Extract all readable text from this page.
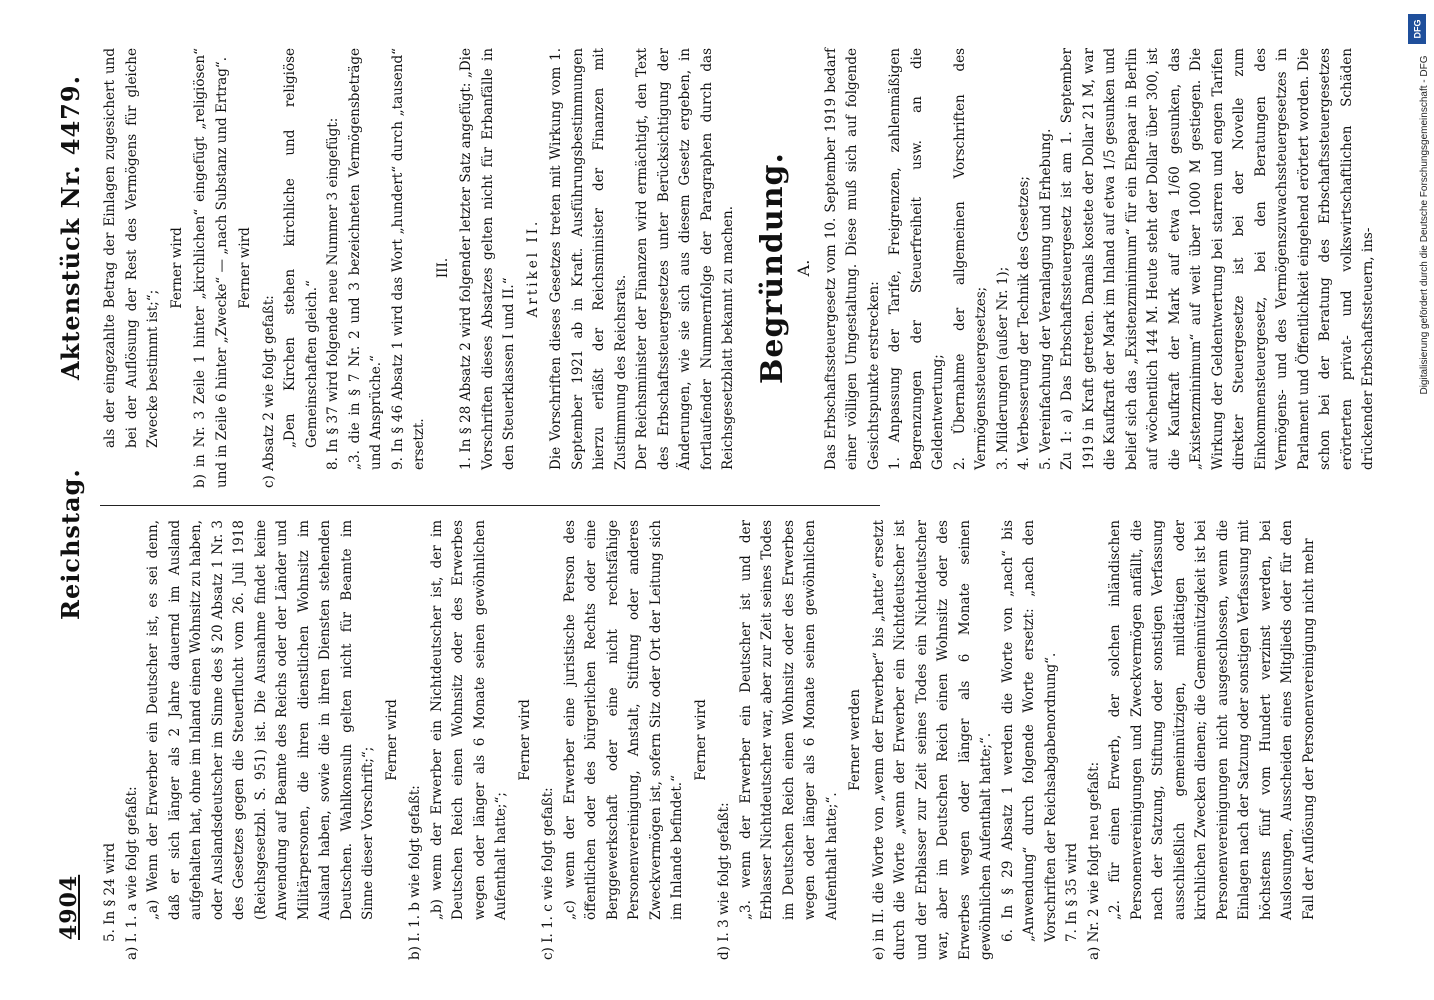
4904
Reichstag.
Aktenstück Nr. 4479.
5. In § 24 wird a) I. 1. a wie folgt gefaßt: „a) Wenn der Erwerber ein Deutscher ist, es sei denn, daß er sich länger als 2 Jahre dauernd im Ausland aufgehalten hat, ohne im Inland einen Wohnsitz zu haben, oder Auslandsdeutscher im Sinne des § 20 Absatz 1 Nr. 3 des Gesetzes gegen die Steuerflucht vom 26. Juli 1918 (Reichsgesetzbl. S. 951) ist. Die Ausnahme findet keine Anwendung auf Beamte des Reichs oder der Länder und Militärpersonen, die ihren dienstlichen Wohnsitz im Ausland haben, sowie die in ihren Diensten stehenden Deutschen. Wahlkonsuln gelten nicht für Beamte im Sinne dieser Vorschrift;“;
Ferner wird
b) I. 1. b wie folgt gefaßt: „b) wenn der Erwerber ein Nichtdeutscher ist, der im Deutschen Reich einen Wohnsitz oder des Erwerbes wegen oder länger als 6 Monate seinen gewöhnlichen Aufenthalt hatte;“;
Ferner wird
c) I. 1. c wie folgt gefaßt: „c) wenn der Erwerber eine juristische Person des öffentlichen oder des bürgerlichen Rechts oder eine Berggewerkschaft oder eine nicht rechtsfähige Personenvereinigung, Anstalt, Stiftung oder anderes Zweckvermögen ist, sofern Sitz oder Ort der Leitung sich im Inlande befindet.“
Ferner wird
d) I. 3 wie folgt gefaßt: „3. wenn der Erwerber ein Deutscher ist und der Erblasser Nichtdeutscher war, aber zur Zeit seines Todes im Deutschen Reich einen Wohnsitz oder des Erwerbes wegen oder länger als 6 Monate seinen gewöhnlichen Aufenthalt hatte;“.
Ferner werden e) in II. die Worte von „wenn der Erwerber“ bis „hatte“ ersetzt durch die Worte „wenn der Erwerber ein Nichtdeutscher ist und der Erblasser zur Zeit seines Todes ein Nichtdeutscher war, aber im Deutschen Reich einen Wohnsitz oder des Erwerbes wegen oder länger als 6 Monate seinen gewöhnlichen Aufenthalt hatte;“. 6. In § 29 Absatz 1 werden die Worte von „nach“ bis „Anwendung“ durch folgende Worte ersetzt: „nach den Vorschriften der Reichsabgabenordnung“. 7. In § 35 wird a) Nr. 2 wie folgt neu gefaßt: „2. für einen Erwerb, der solchen inländischen Personenvereinigungen und Zweckvermögen anfällt, die nach der Satzung, Stiftung oder sonstigen Verfassung ausschließlich gemeinnützigen, mildtätigen oder kirchlichen Zwecken dienen; die Gemeinnützigkeit ist bei Personenvereinigungen nicht ausgeschlossen, wenn die Einlagen nach der Satzung oder sonstigen Verfassung mit höchstens fünf vom Hundert verzinst werden, bei Auslosungen, Ausscheiden eines Mitglieds oder für den Fall der Auflösung der Personenvereinigung nicht mehr
als der eingezahlte Betrag der Einlagen zugesichert und bei der Auflösung der Rest des Vermögens für gleiche Zwecke bestimmt ist;“;
Ferner wird b) in Nr. 3 Zeile 1 hinter „kirchlichen“ eingefügt „religiösen“ und in Zeile 6 hinter „Zwecke“ — „nach Substanz und Ertrag“. Ferner wird
c) Absatz 2 wie folgt gefaßt: „Den Kirchen stehen kirchliche und religiöse Gemeinschaften gleich.“ 8. In § 37 wird folgende neue Nummer 3 eingefügt: „3. die in § 7 Nr. 2 und 3 bezeichneten Vermögensbeträge und Ansprüche.“ 9. In § 46 Absatz 1 wird das Wort „hundert“ durch „tausend“ ersetzt.
III. 1. In § 28 Absatz 2 wird folgender letzter Satz angefügt: „Die Vorschriften dieses Absatzes gelten nicht für Erbanfälle in den Steuerklassen I und II.“
Artikel II. Die Vorschriften dieses Gesetzes treten mit Wirkung vom 1. September 1921 ab in Kraft. Ausführungsbestimmungen hierzu erläßt der Reichsminister der Finanzen mit Zustimmung des Reichsrats. Der Reichsminister der Finanzen wird ermächtigt, den Text des Erbschaftssteuergesetzes unter Berücksichtigung der Änderungen, wie sie sich aus diesem Gesetz ergeben, in fortlaufender Nummernfolge der Paragraphen durch das Reichsgesetzblatt bekannt zu machen. Begründung. A. Das Erbschaftssteuergesetz vom 10. September 1919 bedarf einer völligen Umgestaltung. Diese muß sich auf folgende Gesichtspunkte erstrecken: 1. Anpassung der Tarife, Freigrenzen, zahlenmäßigen Begrenzungen der Steuerfreiheit usw. an die Geldentwertung; 2. Übernahme der allgemeinen Vorschriften des Vermögenssteuergesetzes; 3. Milderungen (außer Nr. 1); 4. Verbesserung der Technik des Gesetzes; 5. Vereinfachung der Veranlagung und Erhebung. Zu 1: a) Das Erbschaftssteuergesetz ist am 1. September 1919 in Kraft getreten. Damals kostete der Dollar 21 M, war die Kaufkraft der Mark im Inland auf etwa 1/5 gesunken und belief sich das „Existenzminimum“ für ein Ehepaar in Berlin auf wöchentlich 144 M. Heute steht der Dollar über 300, ist die Kaufkraft der Mark auf etwa 1/60 gesunken, das „Existenzminimum“ auf weit über 1000 M gestiegen. Die Wirkung der Geldentwertung bei starren und engen Tarifen direkter Steuergesetze ist bei der Novelle zum Einkommensteuergesetz, bei den Beratungen des Vermögens- und des Vermögenszuwachssteuergesetzes in Parlament und Öffentlichkeit eingehend erörtert worden. Die schon bei der Beratung des Erbschaftssteuergesetzes erörterten privat- und volkswirtschaftlichen Schäden drückender Erbschaftssteuern, ins-
DFG
Digitalisierung gefördert durch die Deutsche Forschungsgemeinschaft - DFG
